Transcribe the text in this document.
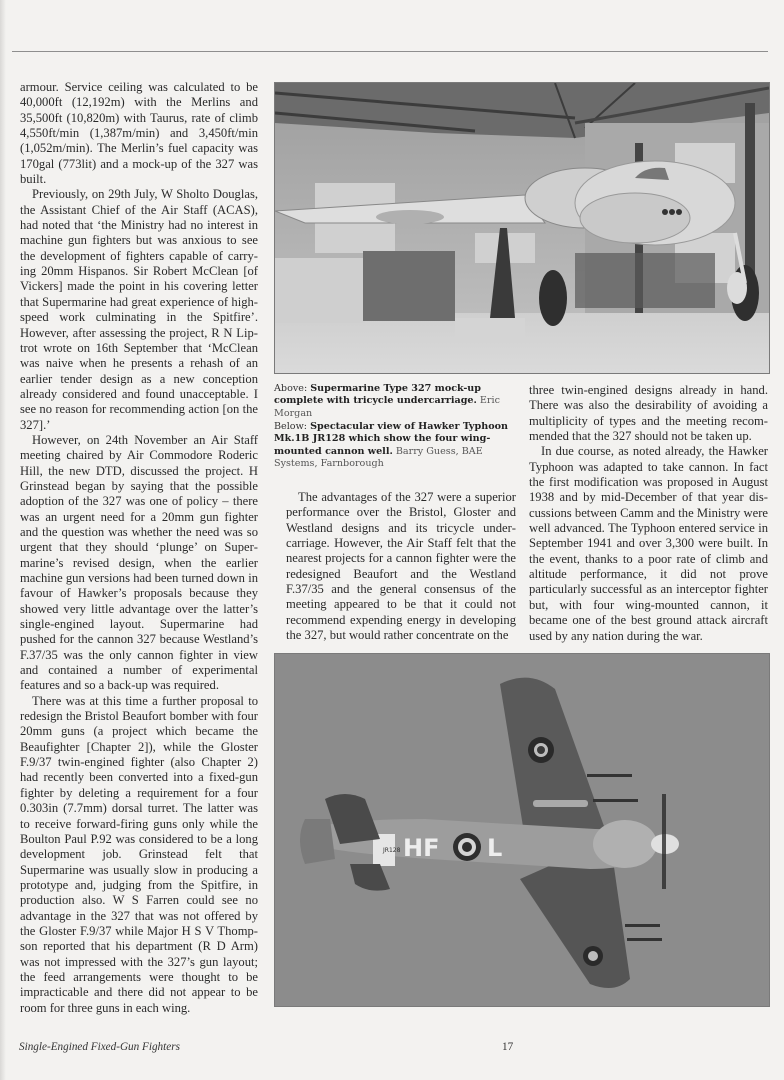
armour. Service ceiling was calculated to be 40,000ft (12,192m) with the Merlins and 35,500ft (10,820m) with Taurus, rate of climb 4,550ft/min (1,387m/min) and 3,450ft/min (1,052m/min). The Merlin’s fuel capacity was 170gal (773lit) and a mock-up of the 327 was built.

Previously, on 29th July, W Sholto Douglas, the Assistant Chief of the Air Staff (ACAS), had noted that ‘the Ministry had no interest in machine gun fighters but was anxious to see the development of fighters capable of carrying 20mm Hispanos. Sir Robert McClean [of Vickers] made the point in his covering letter that Supermarine had great experience of high-speed work culminating in the Spitfire’. However, after assessing the project, R N Liptrot wrote on 16th September that ‘McClean was naive when he presents a rehash of an earlier tender design as a new conception already considered and found unacceptable. I see no reason for recommending action [on the 327].’

However, on 24th November an Air Staff meeting chaired by Air Commodore Roderic Hill, the new DTD, discussed the project. H Grinstead began by saying that the possible adoption of the 327 was one of policy – there was an urgent need for a 20mm gun fighter and the question was whether the need was so urgent that they should ‘plunge’ on Supermarine’s revised design, when the earlier machine gun versions had been turned down in favour of Hawker’s proposals because they showed very little advantage over the latter’s single-engined layout. Supermarine had pushed for the cannon 327 because Westland’s F.37/35 was the only cannon fighter in view and contained a number of experimental features and so a back-up was required.

There was at this time a further proposal to redesign the Bristol Beaufort bomber with four 20mm guns (a project which became the Beaufighter [Chapter 2]), while the Gloster F.9/37 twin-engined fighter (also Chapter 2) had recently been converted into a fixed-gun fighter by deleting a requirement for a four 0.303in (7.7mm) dorsal turret. The latter was to receive forward-firing guns only while the Boulton Paul P.92 was considered to be a long development job. Grinstead felt that Supermarine was usually slow in producing a prototype and, judging from the Spitfire, in production also. W S Farren could see no advantage in the 327 that was not offered by the Gloster F.9/37 while Major H S V Thompson reported that his department (R D Arm) was not impressed with the 327’s gun layout; the feed arrangements were thought to be impracticable and there did not appear to be room for three guns in each wing.

Above: Supermarine Type 327 mock-up complete with tricycle undercarriage. Eric Morgan
Below: Spectacular view of Hawker Typhoon Mk.1B JR128 which show the four wing-mounted cannon well. Barry Guess, BAE Systems, Farnborough

The advantages of the 327 were a superior performance over the Bristol, Gloster and Westland designs and its tricycle undercarriage. However, the Air Staff felt that the nearest projects for a cannon fighter were the redesigned Beaufort and the Westland F.37/35 and the general consensus of the meeting appeared to be that it could not recommend expending energy in developing the 327, but would rather concentrate on the

three twin-engined designs already in hand. There was also the desirability of avoiding a multiplicity of types and the meeting recommended that the 327 should not be taken up.

In due course, as noted already, the Hawker Typhoon was adapted to take cannon. In fact the first modification was proposed in August 1938 and by mid-December of that year discussions between Camm and the Ministry were well advanced. The Typhoon entered service in September 1941 and over 3,300 were built. In the event, thanks to a poor rate of climb and altitude performance, it did not prove particularly successful as an interceptor fighter but, with four wing-mounted cannon, it became one of the best ground attack aircraft used by any nation during the war.

HF L
JR128
Single-Engined Fixed-Gun Fighters	17
